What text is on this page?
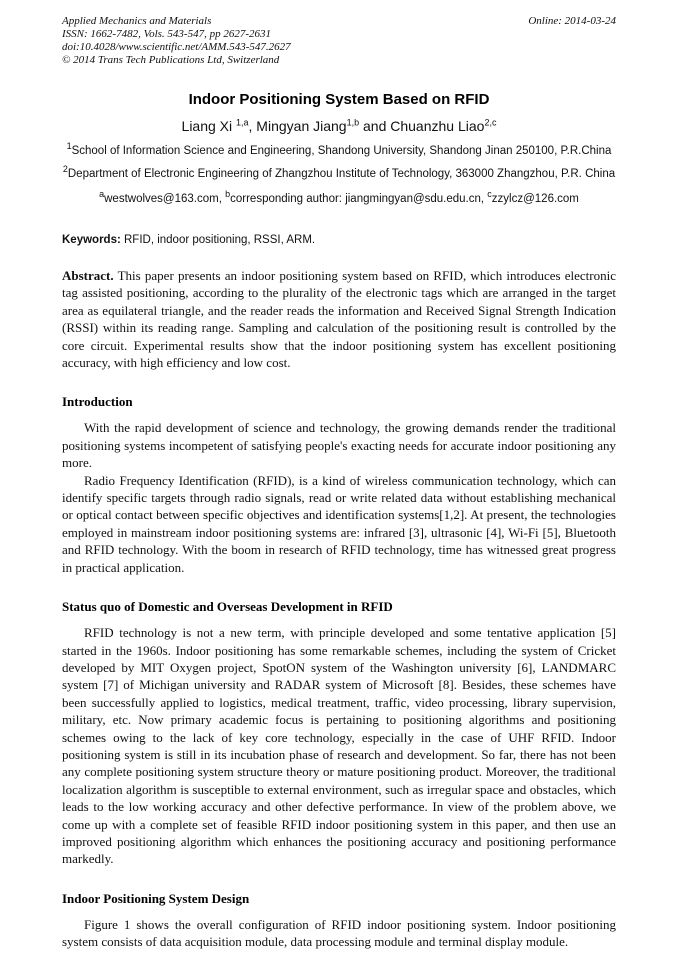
Applied Mechanics and Materials
ISSN: 1662-7482, Vols. 543-547, pp 2627-2631
doi:10.4028/www.scientific.net/AMM.543-547.2627
© 2014 Trans Tech Publications Ltd, Switzerland
Online: 2014-03-24
Indoor Positioning System Based on RFID
Liang Xi $^{1,a}$, Mingyan Jiang$^{1,b}$ and Chuanzhu Liao$^{2,c}$
$^1$School of Information Science and Engineering, Shandong University, Shandong Jinan 250100, P.R.China
$^2$Department of Electronic Engineering of Zhangzhou Institute of Technology, 363000 Zhangzhou, P.R. China
$^a$westwolves@163.com, $^b$corresponding author: jiangmingyan@sdu.edu.cn, $^c$zzylcz@126.com
Keywords: RFID, indoor positioning, RSSI, ARM.

Abstract. This paper presents an indoor positioning system based on RFID, which introduces electronic tag assisted positioning, according to the plurality of the electronic tags which are arranged in the target area as equilateral triangle, and the reader reads the information and Received Signal Strength Indication (RSSI) within its reading range. Sampling and calculation of the positioning result is controlled by the core circuit. Experimental results show that the indoor positioning system has excellent positioning accuracy, with high efficiency and low cost.

Introduction

With the rapid development of science and technology, the growing demands render the traditional positioning systems incompetent of satisfying people's exacting needs for accurate indoor positioning any more.

Radio Frequency Identification (RFID), is a kind of wireless communication technology, which can identify specific targets through radio signals, read or write related data without establishing mechanical or optical contact between specific objectives and identification systems[1,2]. At present, the technologies employed in mainstream indoor positioning systems are: infrared [3], ultrasonic [4], Wi-Fi [5], Bluetooth and RFID technology. With the boom in research of RFID technology, time has witnessed great progress in practical application.

Status quo of Domestic and Overseas Development in RFID

RFID technology is not a new term, with principle developed and some tentative application [5] started in the 1960s. Indoor positioning has some remarkable schemes, including the system of Cricket developed by MIT Oxygen project, SpotON system of the Washington university [6], LANDMARC system [7] of Michigan university and RADAR system of Microsoft [8]. Besides, these schemes have been successfully applied to logistics, medical treatment, traffic, video processing, library supervision, military, etc. Now primary academic focus is pertaining to positioning algorithms and positioning schemes owing to the lack of key core technology, especially in the case of UHF RFID. Indoor positioning system is still in its incubation phase of research and development. So far, there has not been any complete positioning system structure theory or mature positioning product. Moreover, the traditional localization algorithm is susceptible to external environment, such as irregular space and obstacles, which leads to the low working accuracy and other defective performance. In view of the problem above, we come up with a complete set of feasible RFID indoor positioning system in this paper, and then use an improved positioning algorithm which enhances the positioning accuracy and positioning performance markedly.

Indoor Positioning System Design

Figure 1 shows the overall configuration of RFID indoor positioning system. Indoor positioning system consists of data acquisition module, data processing module and terminal display module.
